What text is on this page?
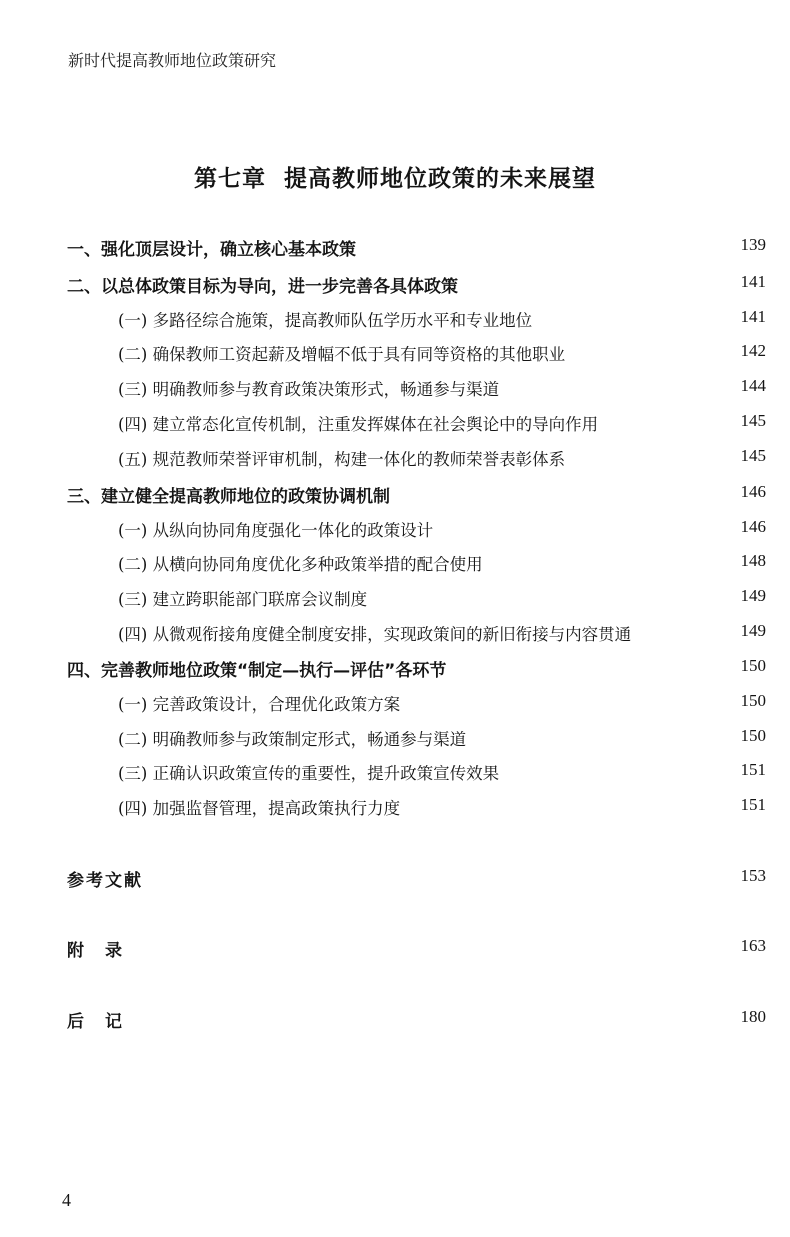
新时代提高教师地位政策研究
第七章 提高教师地位政策的未来展望
一、强化顶层设计，确立核心基本政策	139
二、以总体政策目标为导向，进一步完善各具体政策	141
(一) 多路径综合施策，提高教师队伍学历水平和专业地位	141
(二) 确保教师工资起薪及增幅不低于具有同等资格的其他职业	142
(三) 明确教师参与教育政策决策形式，畅通参与渠道	144
(四) 建立常态化宣传机制，注重发挥媒体在社会舆论中的导向作用	145
(五) 规范教师荣誉评审机制，构建一体化的教师荣誉表彰体系	145
三、建立健全提高教师地位的政策协调机制	146
(一) 从纵向协同角度强化一体化的政策设计	146
(二) 从横向协同角度优化多种政策举措的配合使用	148
(三) 建立跨职能部门联席会议制度	149
(四) 从微观衔接角度健全制度安排，实现政策间的新旧衔接与内容贯通	149
四、完善教师地位政策“制定—执行—评估”各环节	150
(一) 完善政策设计，合理优化政策方案	150
(二) 明确教师参与政策制定形式，畅通参与渠道	150
(三) 正确认识政策宣传的重要性，提升政策宣传效果	151
(四) 加强监督管理，提高政策执行力度	151
参考文献	153
附　录	163
后　记	180
4
